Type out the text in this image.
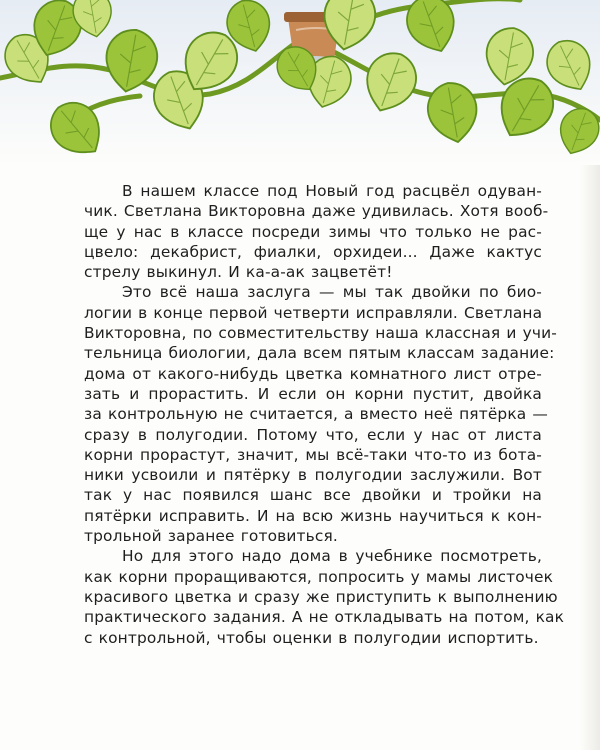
В нашем классе под Новый год расцвёл одуван-
чик. Светлана Викторовна даже удивилась. Хотя вооб-
ще у нас в классе посреди зимы что только не рас-
цвело: декабрист, фиалки, орхидеи... Даже кактус
стрелу выкинул. И ка-а-ак зацветёт!
Это всё наша заслуга — мы так двойки по био-
логии в конце первой четверти исправляли. Светлана
Викторовна, по совместительству наша классная и учи-
тельница биологии, дала всем пятым классам задание:
дома от какого-нибудь цветка комнатного лист отре-
зать и прорастить. И если он корни пустит, двойка
за контрольную не считается, а вместо неё пятёрка —
сразу в полугодии. Потому что, если у нас от листа
корни прорастут, значит, мы всё-таки что-то из бота-
ники усвоили и пятёрку в полугодии заслужили. Вот
так у нас появился шанс все двойки и тройки на
пятёрки исправить. И на всю жизнь научиться к кон-
трольной заранее готовиться.
Но для этого надо дома в учебнике посмотреть,
как корни проращиваются, попросить у мамы листочек
красивого цветка и сразу же приступить к выполнению
практического задания. А не откладывать на потом, как
с контрольной, чтобы оценки в полугодии испортить.
